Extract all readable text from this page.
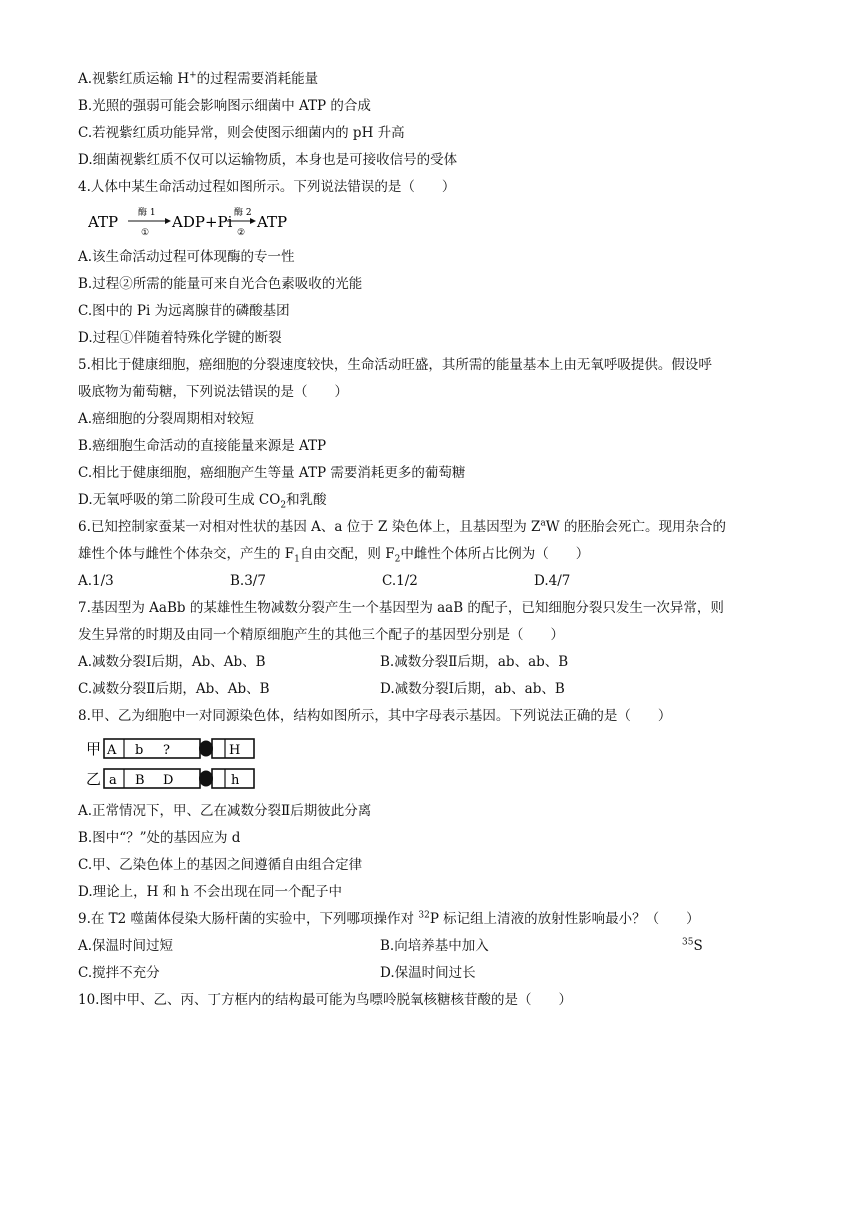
A.视紫红质运输 H+的过程需要消耗能量
B.光照的强弱可能会影响图示细菌中 ATP 的合成
C.若视紫红质功能异常，则会使图示细菌内的 pH 升高
D.细菌视紫红质不仅可以运输物质，本身也是可接收信号的受体
4.人体中某生命活动过程如图所示。下列说法错误的是（　　）
ATP 酶 1
①
ADP+Pi 酶 2
②
ATP
A.该生命活动过程可体现酶的专一性
B.过程②所需的能量可来自光合色素吸收的光能
C.图中的 Pi 为远离腺苷的磷酸基团
D.过程①伴随着特殊化学键的断裂
5.相比于健康细胞，癌细胞的分裂速度较快，生命活动旺盛，其所需的能量基本上由无氧呼吸提供。假设呼
吸底物为葡萄糖，下列说法错误的是（　　）
A.癌细胞的分裂周期相对较短
B.癌细胞生命活动的直接能量来源是 ATP
C.相比于健康细胞，癌细胞产生等量 ATP 需要消耗更多的葡萄糖
D.无氧呼吸的第二阶段可生成 $CO_2$和乳酸
6.已知控制家蚕某一对相对性状的基因 A、a 位于 Z 染色体上，且基因型为 $Z^aW$ 的胚胎会死亡。现用杂合的
雄性个体与雌性个体杂交，产生的 $F_1$自由交配，则 $F_2$中雌性个体所占比例为（　　）
A.1/3	B.3/7	C.1/2	D.4/7
7.基因型为 AaBb 的某雄性生物减数分裂产生一个基因型为 aaB 的配子，已知细胞分裂只发生一次异常，则
发生异常的时期及由同一个精原细胞产生的其他三个配子的基因型分别是（　　）
A.减数分裂Ⅰ后期，Ab、Ab、B	B.减数分裂Ⅱ后期，ab、ab、B
C.减数分裂Ⅱ后期，Ab、Ab、B	D.减数分裂Ⅰ后期，ab、ab、B
8.甲、乙为细胞中一对同源染色体，结构如图所示，其中字母表示基因。下列说法正确的是（　　）
甲 A b ?	H
乙 a B D	h
A.正常情况下，甲、乙在减数分裂Ⅱ后期彼此分离
B.图中“？”处的基因应为 d
C.甲、乙染色体上的基因之间遵循自由组合定律
D.理论上，H 和 h 不会出现在同一个配子中
9.在 T2 噬菌体侵染大肠杆菌的实验中，下列哪项操作对 $^{32}$P 标记组上清液的放射性影响最小？（　　）
A.保温时间过短	B.向培养基中加入	$^{35}$S
C.搅拌不充分	D.保温时间过长
10.图中甲、乙、丙、丁方框内的结构最可能为鸟嘌呤脱氧核糖核苷酸的是（　　）
